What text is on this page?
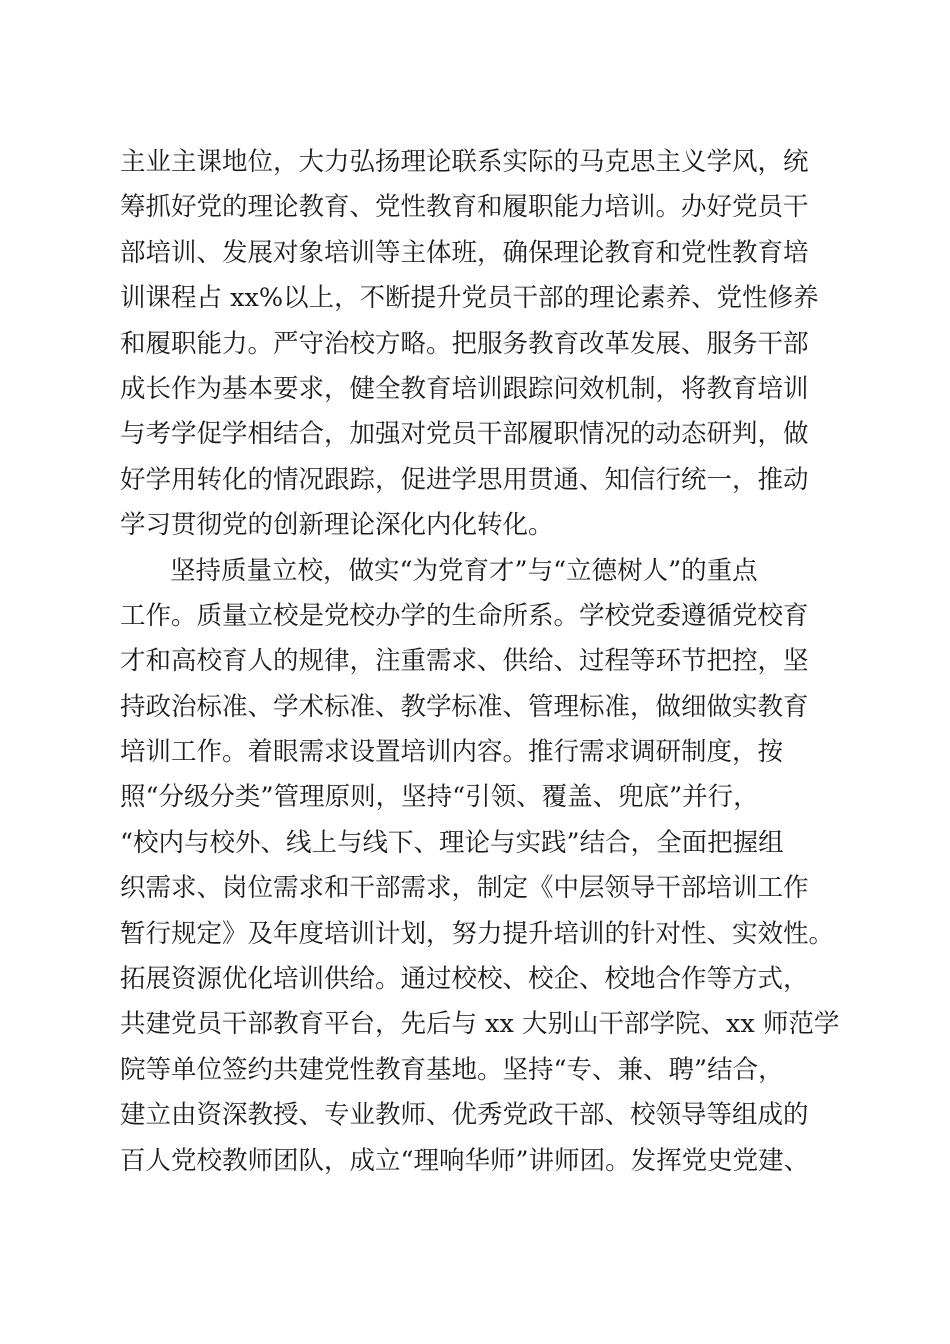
主业主课地位，大力弘扬理论联系实际的马克思主义学风，统
筹抓好党的理论教育、党性教育和履职能力培训。办好党员干
部培训、发展对象培训等主体班，确保理论教育和党性教育培
训课程占 xx%以上，不断提升党员干部的理论素养、党性修养
和履职能力。严守治校方略。把服务教育改革发展、服务干部
成长作为基本要求，健全教育培训跟踪问效机制，将教育培训
与考学促学相结合，加强对党员干部履职情况的动态研判，做
好学用转化的情况跟踪，促进学思用贯通、知信行统一，推动
学习贯彻党的创新理论深化内化转化。
坚持质量立校，做实“为党育才”与“立德树人”的重点
工作。质量立校是党校办学的生命所系。学校党委遵循党校育
才和高校育人的规律，注重需求、供给、过程等环节把控，坚
持政治标准、学术标准、教学标准、管理标准，做细做实教育
培训工作。着眼需求设置培训内容。推行需求调研制度，按
照“分级分类”管理原则，坚持“引领、覆盖、兜底”并行，
“校内与校外、线上与线下、理论与实践”结合，全面把握组
织需求、岗位需求和干部需求，制定《中层领导干部培训工作
暂行规定》及年度培训计划，努力提升培训的针对性、实效性。
拓展资源优化培训供给。通过校校、校企、校地合作等方式，
共建党员干部教育平台，先后与 xx 大别山干部学院、xx 师范学
院等单位签约共建党性教育基地。坚持“专、兼、聘”结合，
建立由资深教授、专业教师、优秀党政干部、校领导等组成的
百人党校教师团队，成立“理响华师”讲师团。发挥党史党建、
